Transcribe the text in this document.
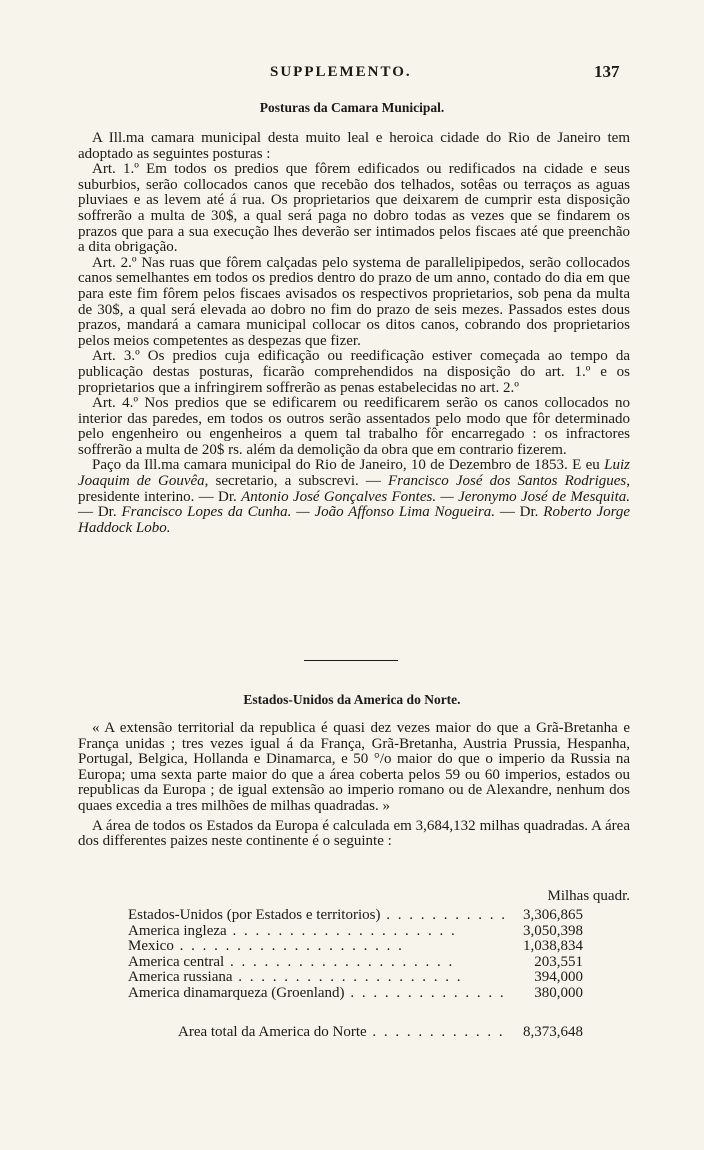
SUPPLEMENTO.	137
Posturas da Camara Municipal.

A Ill.ma camara municipal desta muito leal e heroica cidade do Rio de Janeiro tem adoptado as seguintes posturas :

Art. 1.º Em todos os predios que fôrem edificados ou redificados na cidade e seus suburbios, serão collocados canos que recebão dos telhados, sotêas ou terraços as aguas pluviaes e as levem até á rua. Os proprietarios que deixarem de cumprir esta disposição soffrerão a multa de 30$, a qual será paga no dobro todas as vezes que se findarem os prazos que para a sua execução lhes deverão ser intimados pelos fiscaes até que preenchão a dita obrigação.

Art. 2.º Nas ruas que fôrem calçadas pelo systema de parallelipipedos, serão collocados canos semelhantes em todos os predios dentro do prazo de um anno, contado do dia em que para este fim fôrem pelos fiscaes avisados os respectivos proprietarios, sob pena da multa de 30$, a qual será elevada ao dobro no fim do prazo de seis mezes. Passados estes dous prazos, mandará a camara municipal collocar os ditos canos, cobrando dos proprietarios pelos meios competentes as despezas que fizer.

Art. 3.º Os predios cuja edificação ou reedificação estiver começada ao tempo da publicação destas posturas, ficarão comprehendidos na disposição do art. 1.º e os proprietarios que a infringirem soffrerão as penas estabelecidas no art. 2.º

Art. 4.º Nos predios que se edificarem ou reedificarem serão os canos collocados no interior das paredes, em todos os outros serão assentados pelo modo que fôr determinado pelo engenheiro ou engenheiros a quem tal trabalho fôr encarregado : os infractores soffrerão a multa de 20$ rs. além da demolição da obra que em contrario fizerem.

Paço da Ill.ma camara municipal do Rio de Janeiro, 10 de Dezembro de 1853. E eu Luiz Joaquim de Gouvêa, secretario, a subscrevi. — Francisco José dos Santos Rodrigues, presidente interino. — Dr. Antonio José Gonçalves Fontes. — Jeronymo José de Mesquita. — Dr. Francisco Lopes da Cunha. — João Affonso Lima Nogueira. — Dr. Roberto Jorge Haddock Lobo.

Estados-Unidos da America do Norte.

« A extensão territorial da republica é quasi dez vezes maior do que a Grã-Bretanha e França unidas ; tres vezes igual á da França, Grã-Bretanha, Austria Prussia, Hespanha, Portugal, Belgica, Hollanda e Dinamarca, e 50 °/o maior do que o imperio da Russia na Europa; uma sexta parte maior do que a área coberta pelos 59 ou 60 imperios, estados ou republicas da Europa ; de igual extensão ao imperio romano ou de Alexandre, nenhum dos quaes excedia a tres milhões de milhas quadradas. »

A área de todos os Estados da Europa é calculada em 3,684,132 milhas quadradas. A área dos differentes paizes neste continente é o seguinte :

Milhas quadr.
Estados-Unidos (por Estados e territorios) . . .	3,306,865
America ingleza . . .	3,050,398
Mexico . . .	1,038,834
America central . . .	203,551
America russiana . . .	394,000
America dinamarqueza (Groenland) . . .	380,000
Area total da America do Norte . . .	8,373,648
